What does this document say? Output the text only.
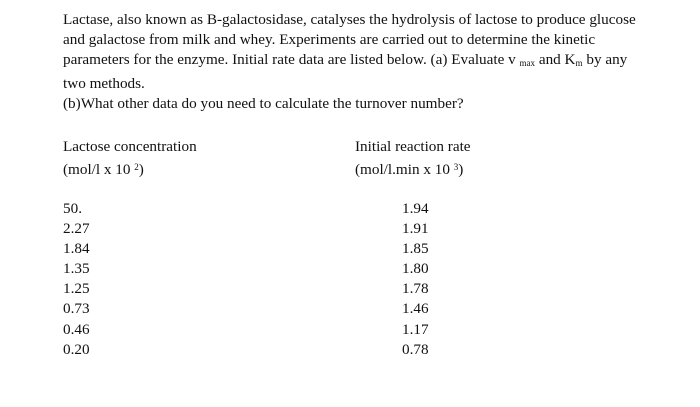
Lactase, also known as B-galactosidase, catalyses the hydrolysis of lactose to produce glucose

and galactose from milk and whey. Experiments are carried out to determine the kinetic

parameters for the enzyme. Initial rate data are listed below. (a) Evaluate v $_{max}$ and $K_m$ by any

two methods.

(b)What other data do you need to calculate the turnover number?

Lactose concentration
(mol/l x 10 $^2$)
Initial reaction rate
(mol/l.min x 10 $^3$)
50.
2.27
1.84
1.35
1.25
0.73
0.46
0.20
1.94
1.91
1.85
1.80
1.78
1.46
1.17
0.78
